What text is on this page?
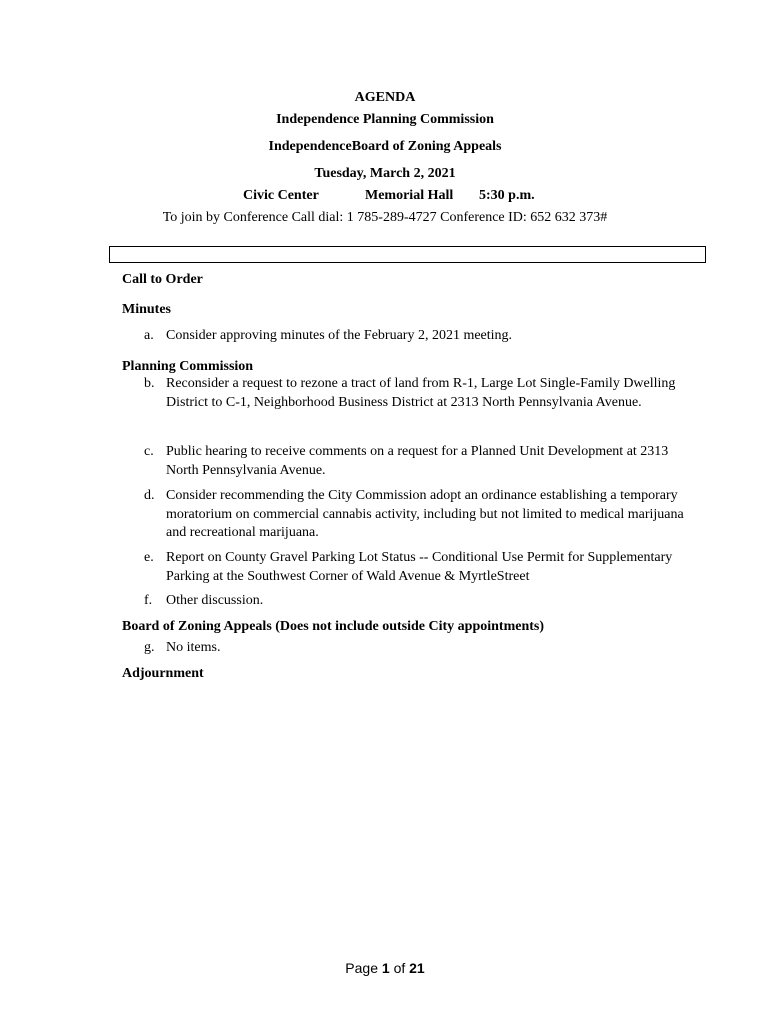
AGENDA
Independence Planning Commission
IndependenceBoard of Zoning Appeals
Tuesday, March 2, 2021
Civic Center	Memorial Hall 5:30 p.m.
To join by Conference Call dial: 1 785-289-4727 Conference ID: 652 632 373#
Call to Order
Minutes
a. Consider approving minutes of the February 2, 2021 meeting.
Planning Commission
b. Reconsider a request to rezone a tract of land from R-1, Large Lot Single-Family Dwelling District to C-1, Neighborhood Business District at 2313 North Pennsylvania Avenue.
c. Public hearing to receive comments on a request for a Planned Unit Development at 2313 North Pennsylvania Avenue.
d. Consider recommending the City Commission adopt an ordinance establishing a temporary moratorium on commercial cannabis activity, including but not limited to medical marijuana and recreational marijuana.
e. Report on County Gravel Parking Lot Status -- Conditional Use Permit for Supplementary Parking at the Southwest Corner of Wald Avenue & MyrtleStreet
f. Other discussion.
Board of Zoning Appeals (Does not include outside City appointments)
g. No items.
Adjournment
Page 1 of 21
